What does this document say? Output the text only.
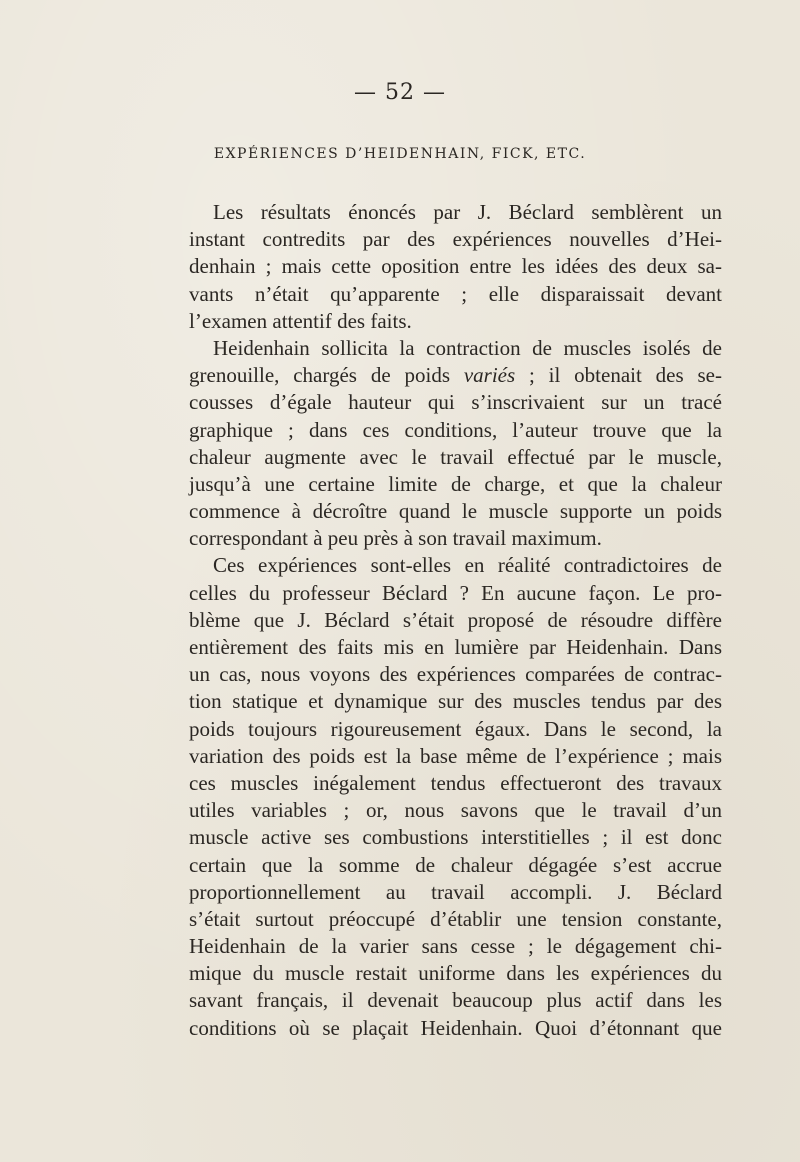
— 52 —
EXPÉRIENCES D’HEIDENHAIN, FICK, ETC.
Les résultats énoncés par J. Béclard semblèrent un
instant contredits par des expériences nouvelles d’Hei-
denhain ; mais cette oposition entre les idées des deux sa-
vants n’était qu’apparente ; elle disparaissait devant
l’examen attentif des faits.
Heidenhain sollicita la contraction de muscles isolés de
grenouille, chargés de poids variés ; il obtenait des se-
cousses d’égale hauteur qui s’inscrivaient sur un tracé
graphique ; dans ces conditions, l’auteur trouve que la
chaleur augmente avec le travail effectué par le muscle,
jusqu’à une certaine limite de charge, et que la chaleur
commence à décroître quand le muscle supporte un poids
correspondant à peu près à son travail maximum.
Ces expériences sont-elles en réalité contradictoires de
celles du professeur Béclard ? En aucune façon. Le pro-
blème que J. Béclard s’était proposé de résoudre diffère
entièrement des faits mis en lumière par Heidenhain. Dans
un cas, nous voyons des expériences comparées de contrac-
tion statique et dynamique sur des muscles tendus par des
poids toujours rigoureusement égaux. Dans le second, la
variation des poids est la base même de l’expérience ; mais
ces muscles inégalement tendus effectueront des travaux
utiles variables ; or, nous savons que le travail d’un
muscle active ses combustions interstitielles ; il est donc
certain que la somme de chaleur dégagée s’est accrue
proportionnellement au travail accompli. J. Béclard
s’était surtout préoccupé d’établir une tension constante,
Heidenhain de la varier sans cesse ; le dégagement chi-
mique du muscle restait uniforme dans les expériences du
savant français, il devenait beaucoup plus actif dans les
conditions où se plaçait Heidenhain. Quoi d’étonnant que
